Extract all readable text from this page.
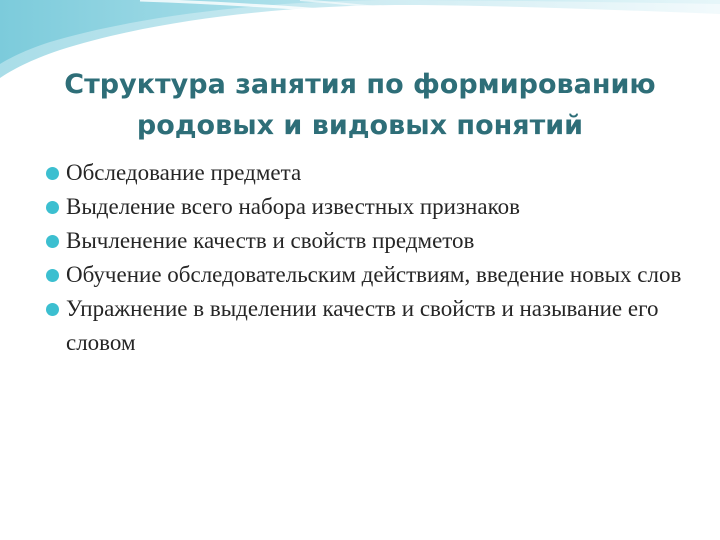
Структура занятия по формированию
родовых и видовых понятий
Обследование предмета
Выделение всего набора известных признаков
Вычленение качеств и свойств предметов
Обучение обследовательским действиям, введение новых слов
Упражнение в выделении качеств и свойств и называние его словом
